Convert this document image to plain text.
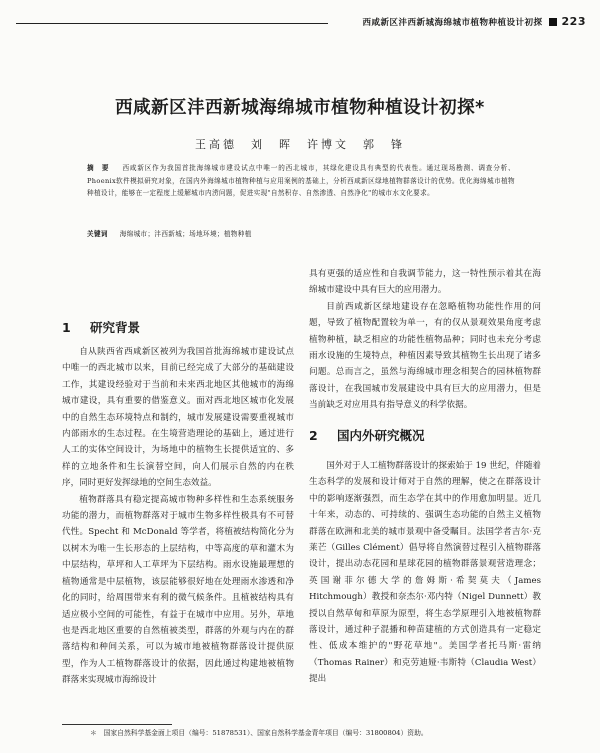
西咸新区沣西新城海绵城市植物种植设计初探 223
西咸新区沣西新城海绵城市植物种植设计初探*
王高德　刘　晖　许博文　郭　锋
摘　要 　 西咸新区作为我国首批海绵城市建设试点中唯一的西北城市，其绿化建设具有典型的代表性。通过现场勘测、调查分析、Phoenix软件模拟研究对象，在国内外海绵城市植物种植与应用案例的基础上，分析西咸新区绿地植物群落设计的优势。优化海绵城市植物种植设计，能够在一定程度上缓解城市内涝问题，促进实现"自然积存、自然渗透、自然净化"的城市水文化要求。
关键词 　 海绵城市；沣西新城；场地环境；植物种植
1 研究背景

自从陕西省西咸新区被列为我国首批海绵城市建设试点中唯一的西北城市以来，目前已经完成了大部分的基础建设工作，其建设经验对于当前和未来西北地区其他城市的海绵城市建设，具有重要的借鉴意义。面对西北地区城市化发展中的自然生态环境特点和制约，城市发展建设需要重视城市内部雨水的生态过程。在生境营造理论的基础上，通过进行人工的实体空间设计，为场地中的植物生长提供适宜的、多样的立地条件和生长演替空间，向人们展示自然的内在秩序，同时更好发挥绿地的空间生态效益。

植物群落具有稳定提高城市物种多样性和生态系统服务功能的潜力，而植物群落对于城市生物多样性极具有不可替代性。Specht 和 McDonald 等学者，将植被结构简化分为以树木为唯一生长形态的上层结构，中等高度的草和灌木为中层结构，草坪和人工草坪为下层结构。雨水设施最理想的植物通常是中层植物，该层能够很好地在处理雨水渗透和净化的同时，给周围带来有利的微气候条件。且植被结构具有适应极小空间的可能性，有益于在城市中应用。另外，草地也是西北地区重要的自然植被类型，群落的外观与内在的群落结构和种间关系，可以为城市地被植物群落设计提供原型，作为人工植物群落设计的依据，因此通过构建地被植物群落来实现城市海绵设计

具有更强的适应性和自我调节能力，这一特性预示着其在海绵城市建设中具有巨大的应用潜力。

目前西咸新区绿地建设存在忽略植物功能性作用的问题，导致了植物配置较为单一，有的仅从景观效果角度考虑植物种植，缺乏相应的功能性植物品种；同时也未充分考虑雨水设施的生境特点，种植因素导致其植物生长出现了诸多问题。总而言之，虽然与海绵城市理念相契合的园林植物群落设计，在我国城市发展建设中具有巨大的应用潜力，但是当前缺乏对应用具有指导意义的科学依据。

2 国内外研究概况

国外对于人工植物群落设计的探索始于 19 世纪，伴随着生态科学的发展和设计师对于自然的理解，使之在群落设计中的影响逐渐强烈，而生态学在其中的作用愈加明显。近几十年来，动态的、可持续的、强调生态功能的自然主义植物群落在欧洲和北美的城市景观中备受瞩目。法国学者吉尔·克莱芒（Gilles Clément）倡导将自然演替过程引入植物群落设计，提出动态花园和星球花园的植物群落景观营造理念；英国谢菲尔德大学的詹姆斯·希契莫夫（James Hitchmough）教授和奈杰尔·邓内特（Nigel Dunnett）教授以自然草甸和草原为原型，将生态学原理引入地被植物群落设计，通过种子混播和种苗建植的方式创造具有一定稳定性、低成本维护的"野花草地"。美国学者托马斯·雷纳（Thomas Rainer）和克劳迪娅·韦斯特（Claudia West）提出

＊　国家自然科学基金面上项目（编号：51878531）、国家自然科学基金青年项目（编号：31800804）资助。
